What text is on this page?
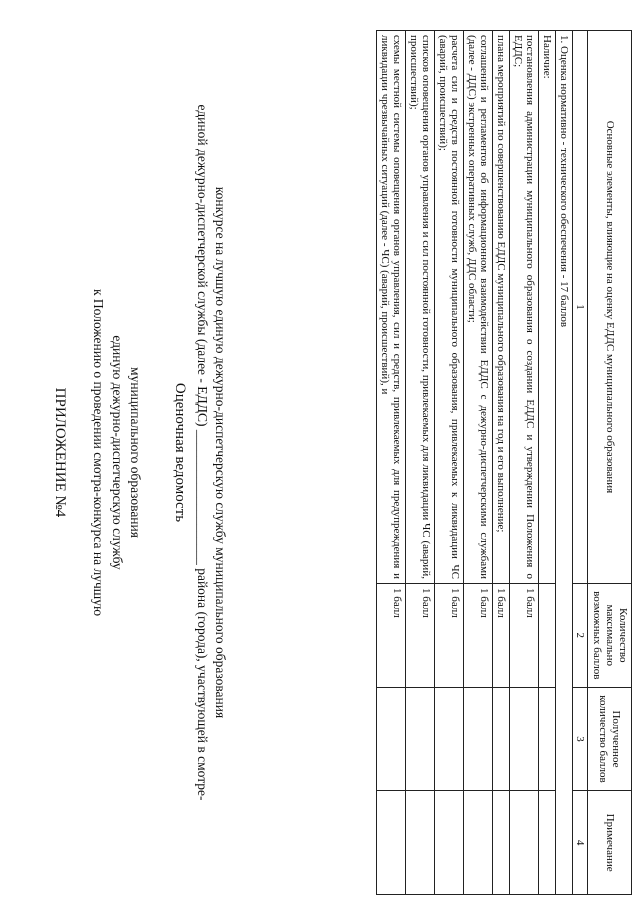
ПРИЛОЖЕНИЕ №4 к Положению о проведении смотра-конкурса на лучшую единую дежурно-диспетчерскую службу муниципального образования Оценочная ведомость единой дежурно-диспетчерской службы (далее - ЕДДС) ____________________ района (города), участвующей в смотре- конкурсе на лучшую единую дежурно-диспетчерскую службу муниципального образования	Основные элементы, влияющие на оценку ЕДДС муниципального образования	Количество максимально возможных баллов	Полученное количество баллов	Примечание
1	2	3	4
1. Оценка нормативно - технического обеспечения - 17 баллов			
Наличие:			
постановления администрации муниципального образования о создании ЕДДС и утверждении Положения о ЕДДС;	1 балл		
плана мероприятий по совершенствованию ЕДДС муниципального образования на год и его выполнение;	1 балл		
соглашений и регламентов об информационном взаимодействии ЕДДС с дежурно-диспетчерскими службами (далее - ДДС) экстренных оперативных служб, ДДС области;	1 балл		
расчета сил и средств постоянной готовности муниципального образования, привлекаемых к ликвидации ЧС (аварий, происшествий);	1 балл		
списков оповещения органов управления и сил постоянной готовности, привлекаемых для ликвидации ЧС (аварий, происшествий);	1 балл		
схемы местной системы оповещения органов управления, сил и средств, привлекаемых для предупреждения и ликвидации чрезвычайных ситуаций (далее - ЧС) (аварий, происшествий), и	1 балл		
